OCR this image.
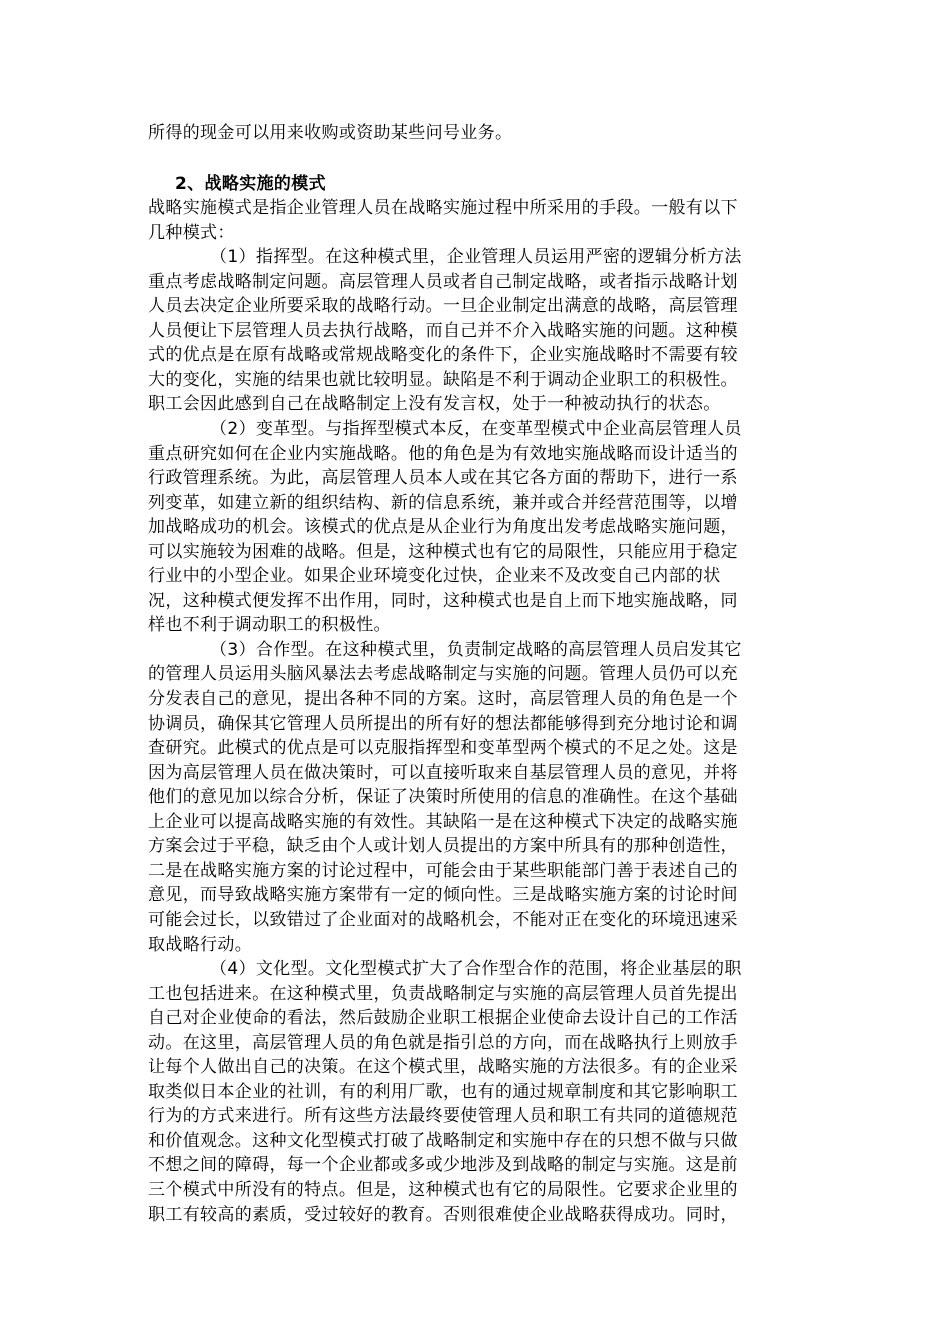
所得的现金可以用来收购或资助某些问号业务。
2、战略实施的模式
战略实施模式是指企业管理人员在战略实施过程中所采用的手段。一般有以下
几种模式：
（1）指挥型。在这种模式里，企业管理人员运用严密的逻辑分析方法
重点考虑战略制定问题。高层管理人员或者自己制定战略，或者指示战略计划
人员去决定企业所要采取的战略行动。一旦企业制定出满意的战略，高层管理
人员便让下层管理人员去执行战略，而自己并不介入战略实施的问题。这种模
式的优点是在原有战略或常规战略变化的条件下，企业实施战略时不需要有较
大的变化，实施的结果也就比较明显。缺陷是不利于调动企业职工的积极性。
职工会因此感到自己在战略制定上没有发言权，处于一种被动执行的状态。
（2）变革型。与指挥型模式本反，在变革型模式中企业高层管理人员
重点研究如何在企业内实施战略。他的角色是为有效地实施战略而设计适当的
行政管理系统。为此，高层管理人员本人或在其它各方面的帮助下，进行一系
列变革，如建立新的组织结构、新的信息系统，兼并或合并经营范围等，以增
加战略成功的机会。该模式的优点是从企业行为角度出发考虑战略实施问题，
可以实施较为困难的战略。但是，这种模式也有它的局限性，只能应用于稳定
行业中的小型企业。如果企业环境变化过快，企业来不及改变自己内部的状
况，这种模式便发挥不出作用，同时，这种模式也是自上而下地实施战略，同
样也不利于调动职工的积极性。
（3）合作型。在这种模式里，负责制定战略的高层管理人员启发其它
的管理人员运用头脑风暴法去考虑战略制定与实施的问题。管理人员仍可以充
分发表自己的意见，提出各种不同的方案。这时，高层管理人员的角色是一个
协调员，确保其它管理人员所提出的所有好的想法都能够得到充分地讨论和调
查研究。此模式的优点是可以克服指挥型和变革型两个模式的不足之处。这是
因为高层管理人员在做决策时，可以直接听取来自基层管理人员的意见，并将
他们的意见加以综合分析，保证了决策时所使用的信息的准确性。在这个基础
上企业可以提高战略实施的有效性。其缺陷一是在这种模式下决定的战略实施
方案会过于平稳，缺乏由个人或计划人员提出的方案中所具有的那种创造性，
二是在战略实施方案的讨论过程中，可能会由于某些职能部门善于表述自己的
意见，而导致战略实施方案带有一定的倾向性。三是战略实施方案的讨论时间
可能会过长，以致错过了企业面对的战略机会，不能对正在变化的环境迅速采
取战略行动。
（4）文化型。文化型模式扩大了合作型合作的范围，将企业基层的职
工也包括进来。在这种模式里，负责战略制定与实施的高层管理人员首先提出
自己对企业使命的看法，然后鼓励企业职工根据企业使命去设计自己的工作活
动。在这里，高层管理人员的角色就是指引总的方向，而在战略执行上则放手
让每个人做出自己的决策。在这个模式里，战略实施的方法很多。有的企业采
取类似日本企业的社训，有的利用厂歌，也有的通过规章制度和其它影响职工
行为的方式来进行。所有这些方法最终要使管理人员和职工有共同的道德规范
和价值观念。这种文化型模式打破了战略制定和实施中存在的只想不做与只做
不想之间的障碍，每一个企业都或多或少地涉及到战略的制定与实施。这是前
三个模式中所没有的特点。但是，这种模式也有它的局限性。它要求企业里的
职工有较高的素质，受过较好的教育。否则很难使企业战略获得成功。同时，
